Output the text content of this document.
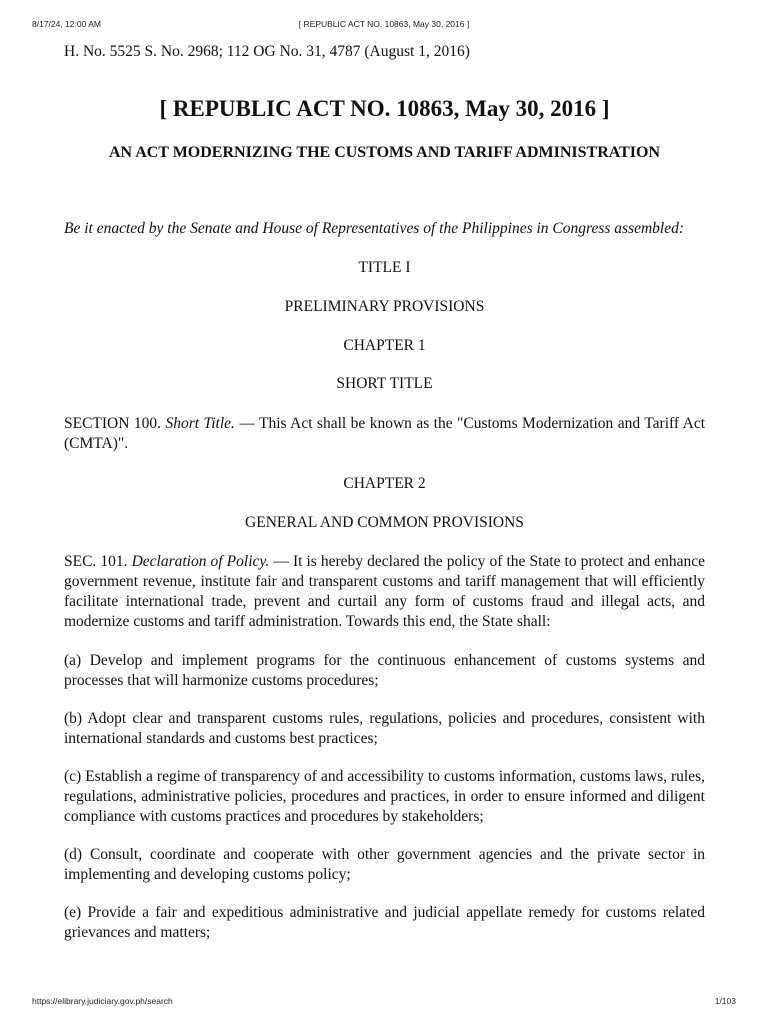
8/17/24, 12:00 AM	[ REPUBLIC ACT NO. 10863, May 30, 2016 ]

H. No. 5525 S. No. 2968; 112 OG No. 31, 4787 (August 1, 2016)

[ REPUBLIC ACT NO. 10863, May 30, 2016 ]
AN ACT MODERNIZING THE CUSTOMS AND TARIFF ADMINISTRATION

Be it enacted by the Senate and House of Representatives of the Philippines in Congress assembled:

TITLE I

PRELIMINARY PROVISIONS

CHAPTER 1

SHORT TITLE

SECTION 100. Short Title. — This Act shall be known as the "Customs Modernization and Tariff Act (CMTA)".

CHAPTER 2

GENERAL AND COMMON PROVISIONS

SEC. 101. Declaration of Policy. — It is hereby declared the policy of the State to protect and enhance government revenue, institute fair and transparent customs and tariff management that will efficiently facilitate international trade, prevent and curtail any form of customs fraud and illegal acts, and modernize customs and tariff administration. Towards this end, the State shall:

(a) Develop and implement programs for the continuous enhancement of customs systems and processes that will harmonize customs procedures;

(b) Adopt clear and transparent customs rules, regulations, policies and procedures, consistent with international standards and customs best practices;

(c) Establish a regime of transparency of and accessibility to customs information, customs laws, rules, regulations, administrative policies, procedures and practices, in order to ensure informed and diligent compliance with customs practices and procedures by stakeholders;

(d) Consult, coordinate and cooperate with other government agencies and the private sector in implementing and developing customs policy;

(e) Provide a fair and expeditious administrative and judicial appellate remedy for customs related grievances and matters;

https://elibrary.judiciary.gov.ph/search	1/103
